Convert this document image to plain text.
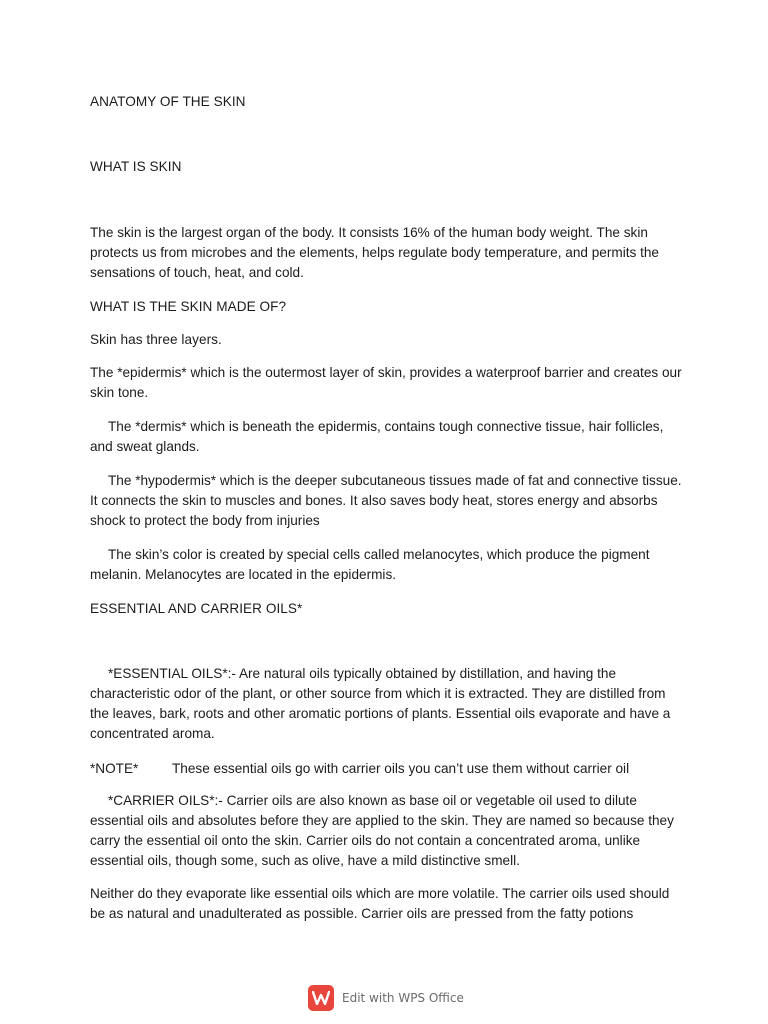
ANATOMY OF THE SKIN

WHAT IS SKIN

The skin is the largest organ of the body. It consists 16% of the human body weight. The skin protects us from microbes and the elements, helps regulate body temperature, and permits the sensations of touch, heat, and cold.

WHAT IS THE SKIN MADE OF?

Skin has three layers.

The *epidermis* which is the outermost layer of skin, provides a waterproof barrier and creates our skin tone.

The *dermis* which is beneath the epidermis, contains tough connective tissue, hair follicles, and sweat glands.

The *hypodermis* which is the deeper subcutaneous tissues made of fat and connective tissue. It connects the skin to muscles and bones. It also saves body heat, stores energy and absorbs shock to protect the body from injuries

The skin’s color is created by special cells called melanocytes, which produce the pigment melanin. Melanocytes are located in the epidermis.

ESSENTIAL AND CARRIER OILS*

*ESSENTIAL OILS*:- Are natural oils typically obtained by distillation, and having the characteristic odor of the plant, or other source from which it is extracted. They are distilled from the leaves, bark, roots and other aromatic portions of plants. Essential oils evaporate and have a concentrated aroma.

*NOTE* These essential oils go with carrier oils you can’t use them without carrier oil

*CARRIER OILS*:- Carrier oils are also known as base oil or vegetable oil used to dilute essential oils and absolutes before they are applied to the skin. They are named so because they carry the essential oil onto the skin. Carrier oils do not contain a concentrated aroma, unlike essential oils, though some, such as olive, have a mild distinctive smell.

Neither do they evaporate like essential oils which are more volatile. The carrier oils used should be as natural and unadulterated as possible. Carrier oils are pressed from the fatty potions

Edit with WPS Office
